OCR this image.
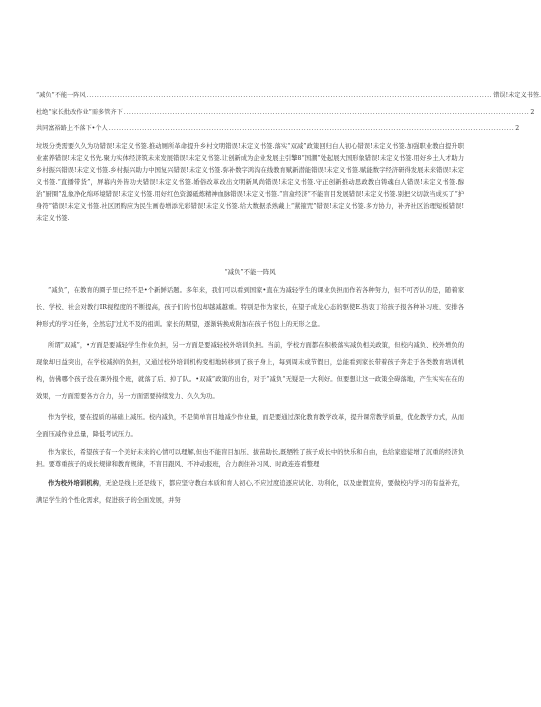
“减负”不能一阵风 .............................................................................................................................................................. 错误!未定义书签.
杜绝“家长批改作业”需多管齐下 .............................................................................................................................................................. 2
共同富裕路上不落下•个人 .............................................................................................................................................................. 2

垃圾分类需要久久为功错误!未定义书签.推动厕所革命提升乡村文明错误!未定义书签.落实“双减”政策回归白人初心错误!未定义书签.加强职业教白提升职业素养错误!未定义书先.聚力实体经济筑未来发展错误!未定义书签.让创新成为企业发展主引擎8“国潮”处起展大国形象错误!未定义书签.用好乡土人才助力乡村振兴错误!未定义书签.乡村振兴助力中国复兴错误!未定义书签.弥补数字鸿沟在线教育赋新潜能错误!未定义书签.赋能数字经济研得发展未来错误!未定义书签.“直播带货”，屏幕内外皆功夫错误!未定义书签.婚俗改革改出文明新风尚错误!未定义书签.守正创新推动思政教白铸魂白人错误!未定义书签.醇治“厨圈”乱象净化绵环境错误!未定义书签.用好红色资源砥炼精神血脉错误!未定义书签.“盲盒经济”不能盲目发展错误!未定义书签.别把父切款当成买了“护身符”错误!未定义书签.社区团购应为民生画卷增添光彩错误!未定义书签.给大数据杀熟戴上“紧箍咒”错误!未定义书签.多方协力，补齐社区治理短板错误!未定义书签.

“减负”不能一阵风

“减负”，在教育的圈子里已经不是•个新鲜话题。多年来，我们可以看到国家•直在为减轻学生的课业负担而作若各种努力，但不可否认的是，随着家长、学校、社会对教行IR视程度的不断提高，孩子们的书包却越减越重。特别是作为家长，在望子成龙心态的驱使E.热衷丁给孩子报各种补习班、安排各种形式的学习任务，全然忘J'过尤不及的祖训。家长的期望，逐渐转换成附加在孩子书包上的无形之盘。

所谓“双减”，•方面是要减轻学生作业负担，另一方面是要减轻校外培训负担。当前，学校方面都在积极落实减负相关政策，但校内减负、校外增负的现象却日益突出，在学校减掉的负担，又通过校外培训机构变相地转移到了孩子身上，每到周末或节假日，总能看到家长带着孩子奔走于各类教育培训机构，仿佛哪个孩子没在课外报个班，就落了后、掉了队。•双减”政策的出台，对于“减负“无疑是一大利好。但要想让这一政策全碍落地，产生实实在在的效果，一方面需要各方合力，另一方面需要持续发力、久久为功。

作为学校，要在提质的基础上减压。校内减负，不是简单盲目地减少作业量，而是要通过深化教育教学改革，提升课常教学质量，优化教学方式，从而全面压减作业总量，降低考试压力。

作为家长，希望孩子有一个美好未来的心情可以理解,但也不能盲目加压、拔苗助长,既牺牲了孩子成长中的快乐和自由，也给家庭徒增了沉重的经济负担。要尊重孩子的成长规律和教育规律，不盲目跟风、不冲动报班，合力刹住补习风、时政连连看整理

作为校外培训机构，无论是线上还是线下，都应坚守教白本质和育人初心,不应过度追逐应试化、功利化，以及虚假宣传，要做校内学习的有益补充，满足学生的个性化需求，促进孩子的全面发展，并努
